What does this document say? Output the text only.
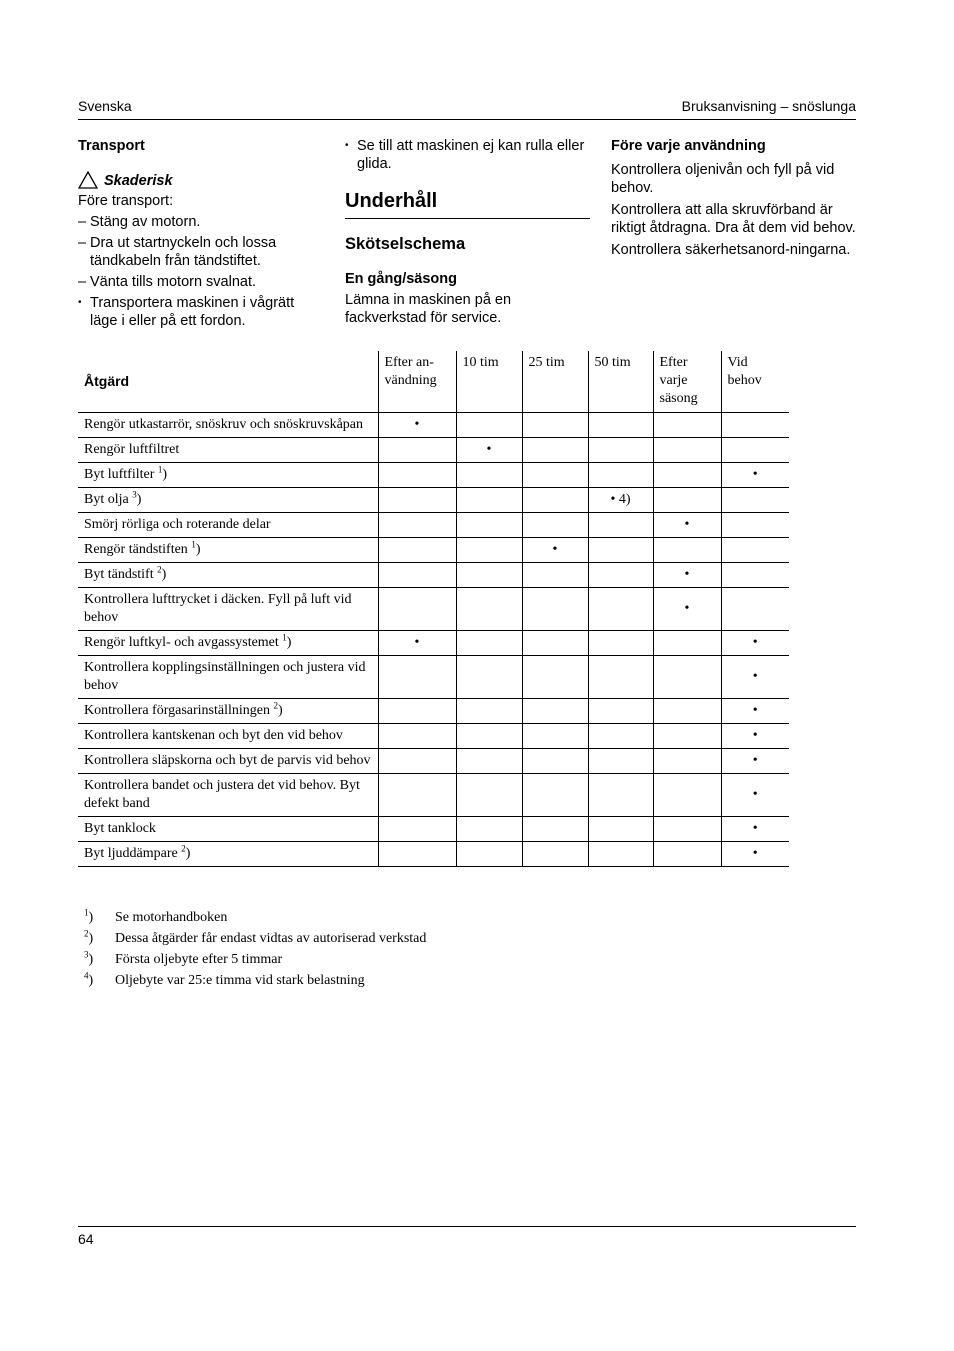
Svenska	Bruksanvisning – snöslunga

Transport

Skaderisk

Före transport:

– Stäng av motorn.
– Dra ut startnyckeln och lossa tändkabeln från tändstiftet.
– Vänta tills motorn svalnat.
• Transportera maskinen i vågrätt läge i eller på ett fordon.
• Se till att maskinen ej kan rulla eller glida.

Underhåll

Skötselschema

En gång/säsong

Lämna in maskinen på en fackverkstad för service.

Före varje användning

Kontrollera oljenivån och fyll på vid behov.

Kontrollera att alla skruvförband är riktigt åtdragna. Dra åt dem vid behov.

Kontrollera säkerhetsanord-ningarna.

Åtgärd	Efter an-vändning	10 tim	25 tim	50 tim	Efter varje säsong	Vid behov
Rengör utkastarrör, snöskruv och snöskruvskåpan	•					
Rengör luftfiltret		•				
Byt luftfilter $^1$)						•
Byt olja $^3$)				• 4)		
Smörj rörliga och roterande delar					•	
Rengör tändstiften $^1$)			•			
Byt tändstift $^2$)					•	
Kontrollera lufttrycket i däcken. Fyll på luft vid behov					•	
Rengör luftkyl- och avgassystemet $^1$)	•					•
Kontrollera kopplingsinställningen och justera vid behov						•
Kontrollera förgasarinställningen $^2$)						•
Kontrollera kantskenan och byt den vid behov						•
Kontrollera släpskorna och byt de parvis vid behov						•
Kontrollera bandet och justera det vid behov. Byt defekt band						•
Byt tanklock						•
Byt ljuddämpare $^2$)						•
$^1$) Se motorhandboken
$^2$) Dessa åtgärder får endast vidtas av autoriserad verkstad
$^3$) Första oljebyte efter 5 timmar
$^4$) Oljebyte var 25:e timma vid stark belastning
64
